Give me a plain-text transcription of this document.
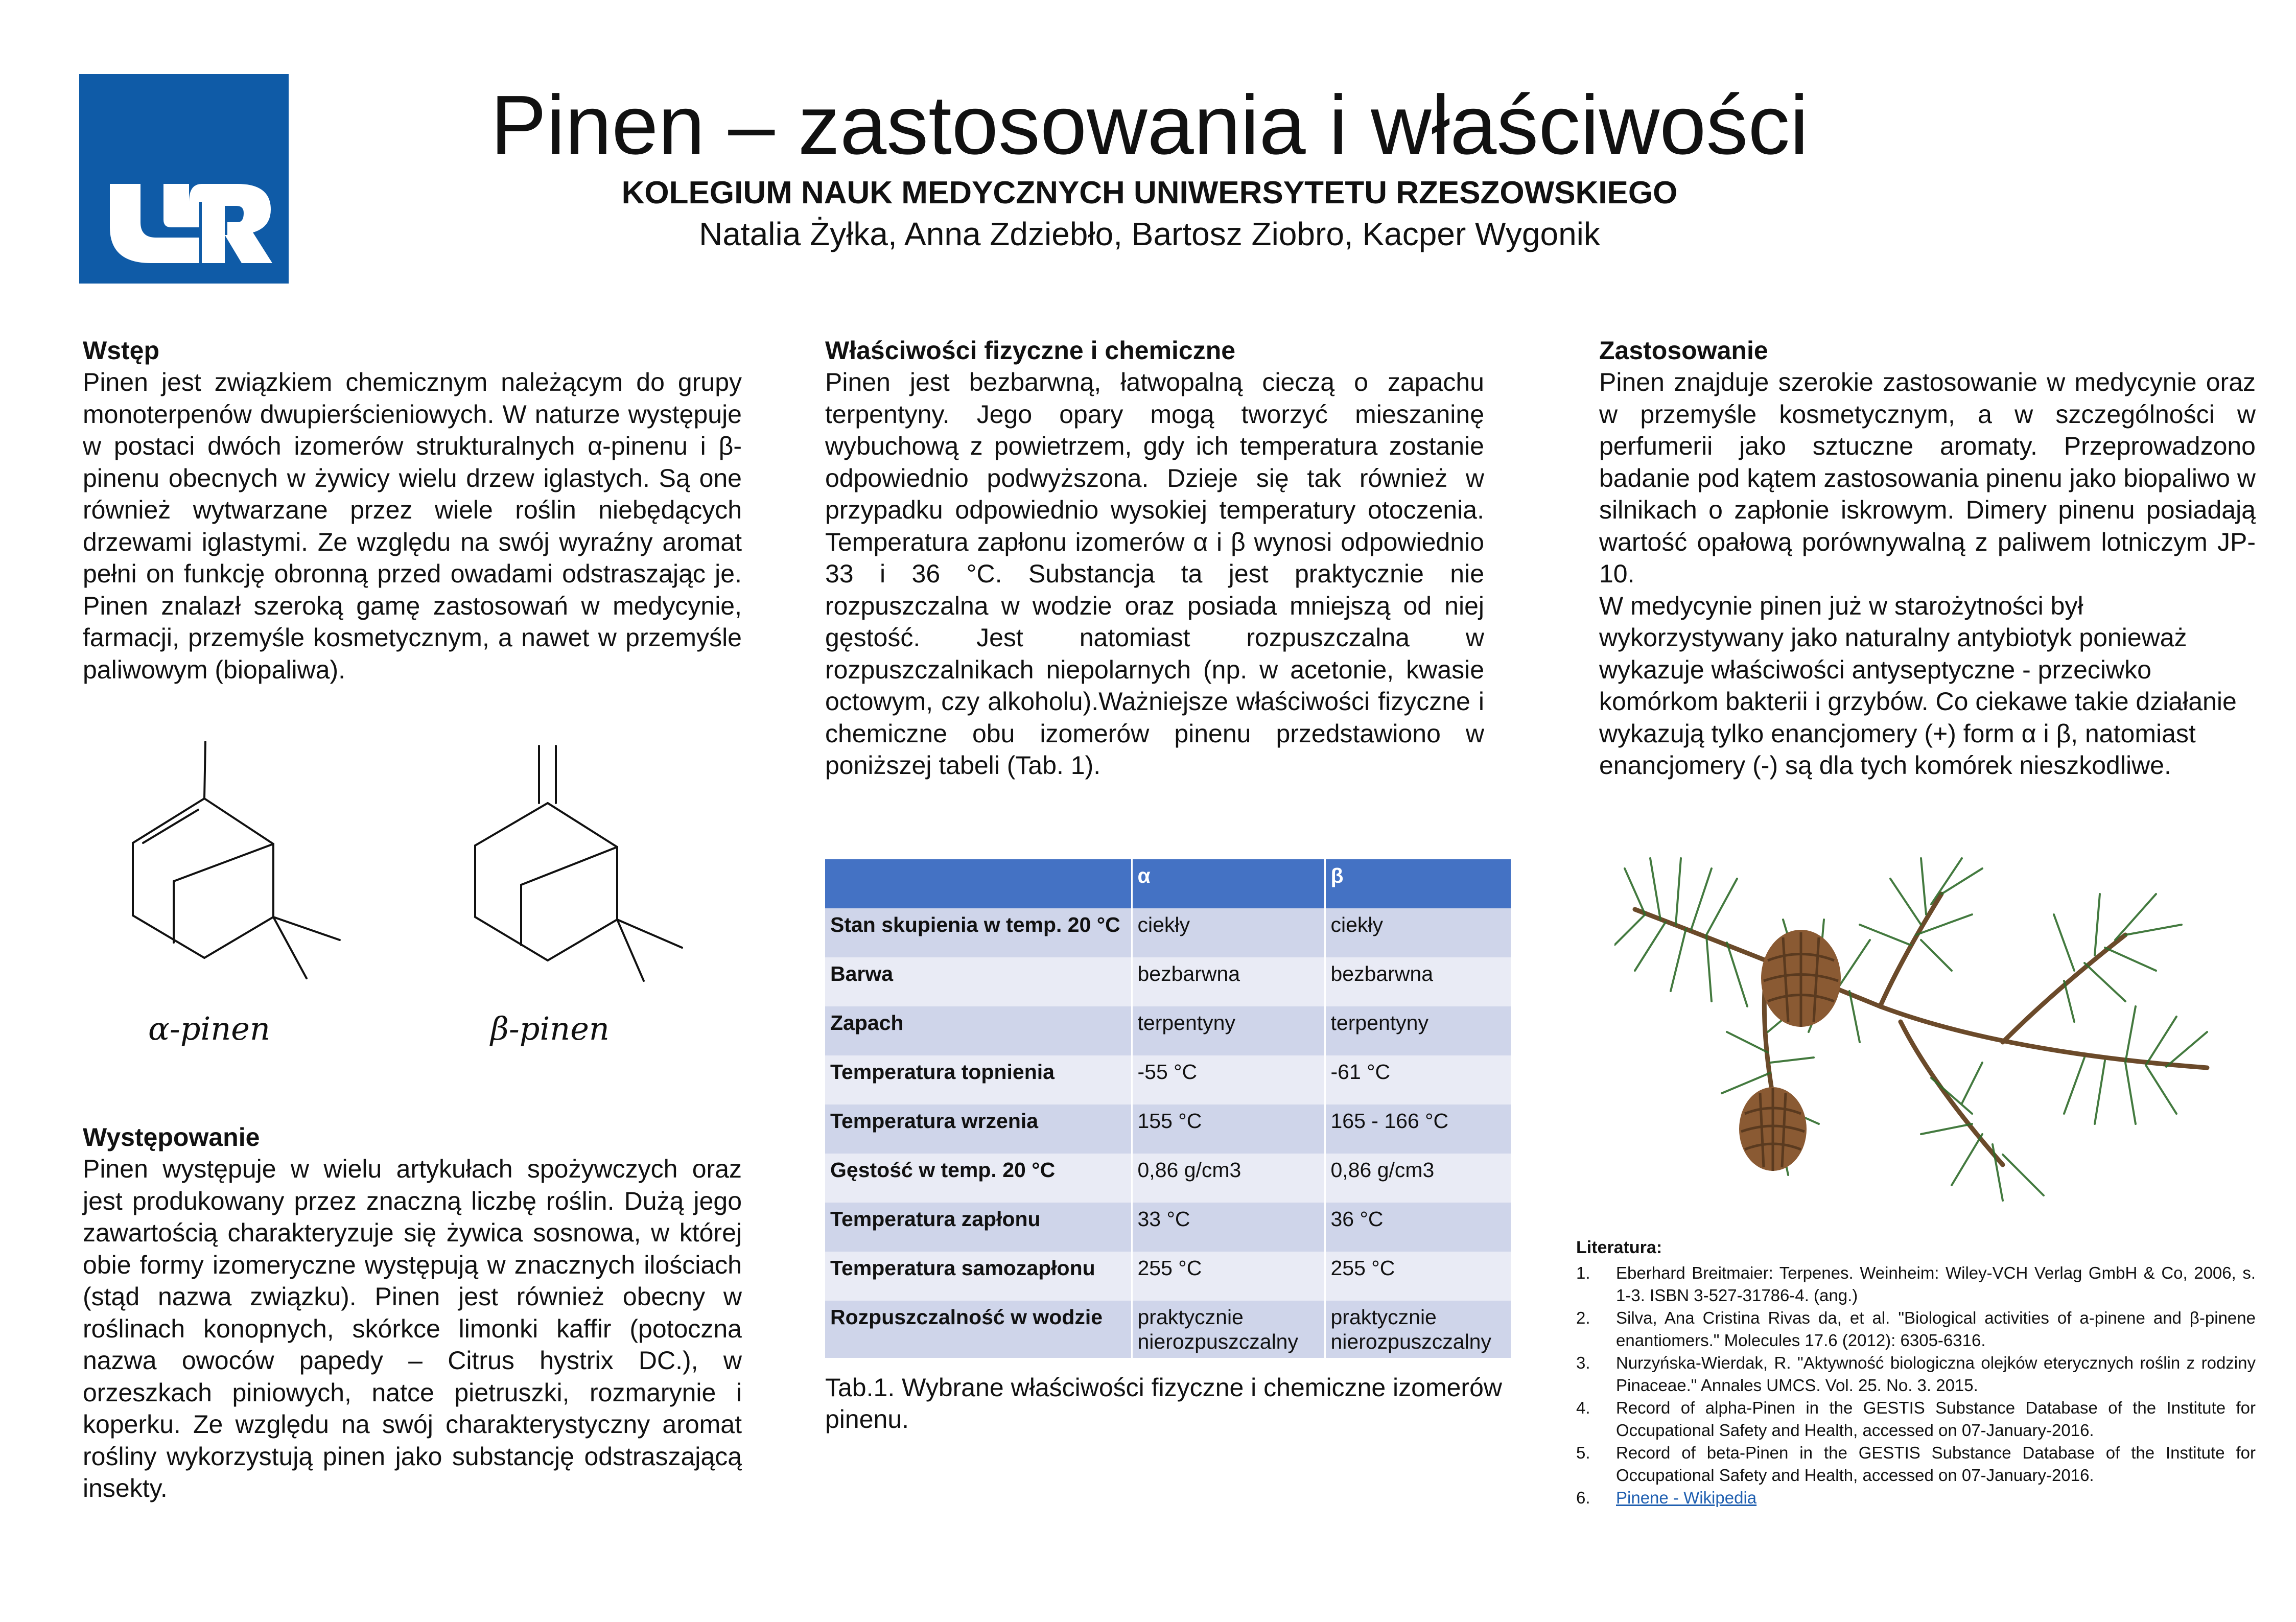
Pinen – zastosowania i właściwości
KOLEGIUM NAUK MEDYCZNYCH UNIWERSYTETU RZESZOWSKIEGO
Natalia Żyłka, Anna Zdziebło, Bartosz Ziobro, Kacper Wygonik
Wstęp
Pinen jest związkiem chemicznym należącym do grupy monoterpenów dwupierścieniowych. W naturze występuje w postaci dwóch izomerów strukturalnych α-pinenu i β-pinenu obecnych w żywicy wielu drzew iglastych. Są one również wytwarzane przez wiele roślin niebędących drzewami iglastymi. Ze względu na swój wyraźny aromat pełni on funkcję obronną przed owadami odstraszając je. Pinen znalazł szeroką gamę zastosowań w medycynie, farmacji, przemyśle kosmetycznym, a nawet w przemyśle paliwowym (biopaliwa).
α-pinen	β-pinen
Występowanie
Pinen występuje w wielu artykułach spożywczych oraz jest produkowany przez znaczną liczbę roślin. Dużą jego zawartością charakteryzuje się żywica sosnowa, w której obie formy izomeryczne występują w znacznych ilościach (stąd nazwa związku). Pinen jest również obecny w roślinach konopnych, skórkce limonki kaffir (potoczna nazwa owoców papedy – Citrus hystrix DC.), w orzeszkach piniowych, natce pietruszki, rozmarynie i koperku. Ze względu na swój charakterystyczny aromat rośliny wykorzystują pinen jako substancję odstraszającą insekty.
Właściwości fizyczne i chemiczne
Pinen jest bezbarwną, łatwopalną cieczą o zapachu terpentyny. Jego opary mogą tworzyć mieszaninę wybuchową z powietrzem, gdy ich temperatura zostanie odpowiednio podwyższona. Dzieje się tak również w przypadku odpowiednio wysokiej temperatury otoczenia. Temperatura zapłonu izomerów α i β wynosi odpowiednio 33 i 36 °C. Substancja ta jest praktycznie nie rozpuszczalna w wodzie oraz posiada mniejszą od niej gęstość. Jest natomiast rozpuszczalna w rozpuszczalnikach niepolarnych (np. w acetonie, kwasie octowym, czy alkoholu).Ważniejsze właściwości fizyczne i chemiczne obu izomerów pinenu przedstawiono w poniższej tabeli (Tab. 1).
	α	β
Stan skupienia w temp. 20 °C	ciekły	ciekły
Barwa	bezbarwna	bezbarwna
Zapach	terpentyny	terpentyny
Temperatura topnienia	-55 °C	-61 °C
Temperatura wrzenia	155 °C	165 - 166 °C
Gęstość w temp. 20 °C	0,86 g/cm3	0,86 g/cm3
Temperatura zapłonu	33 °C	36 °C
Temperatura samozapłonu	255 °C	255 °C
Rozpuszczalność w wodzie	praktycznie nierozpuszczalny	praktycznie nierozpuszczalny
Tab.1. Wybrane właściwości fizyczne i chemiczne izomerów pinenu.
Zastosowanie
Pinen znajduje szerokie zastosowanie w medycynie oraz w przemyśle kosmetycznym, a w szczególności w perfumerii jako sztuczne aromaty. Przeprowadzono badanie pod kątem zastosowania pinenu jako biopaliwo w silnikach o zapłonie iskrowym. Dimery pinenu posiadają wartość opałową porównywalną z paliwem lotniczym JP-10.
W medycynie pinen już w starożytności był wykorzystywany jako naturalny antybiotyk ponieważ wykazuje właściwości antyseptyczne - przeciwko komórkom bakterii i grzybów. Co ciekawe takie działanie wykazują tylko enancjomery (+) form α i β, natomiast enancjomery (-) są dla tych komórek nieszkodliwe.
Literatura:
1.	Eberhard Breitmaier: Terpenes. Weinheim: Wiley-VCH Verlag GmbH & Co, 2006, s. 1-3. ISBN 3-527-31786-4. (ang.)
2.	Silva, Ana Cristina Rivas da, et al. "Biological activities of a-pinene and β-pinene enantiomers." Molecules 17.6 (2012): 6305-6316.
3.	Nurzyńska-Wierdak, R. "Aktywność biologiczna olejków eterycznych roślin z rodziny Pinaceae." Annales UMCS. Vol. 25. No. 3. 2015.
4.	Record of alpha-Pinen in the GESTIS Substance Database of the Institute for Occupational Safety and Health, accessed on 07-January-2016.
5.	Record of beta-Pinen in the GESTIS Substance Database of the Institute for Occupational Safety and Health, accessed on 07-January-2016.
6.	Pinene - Wikipedia
